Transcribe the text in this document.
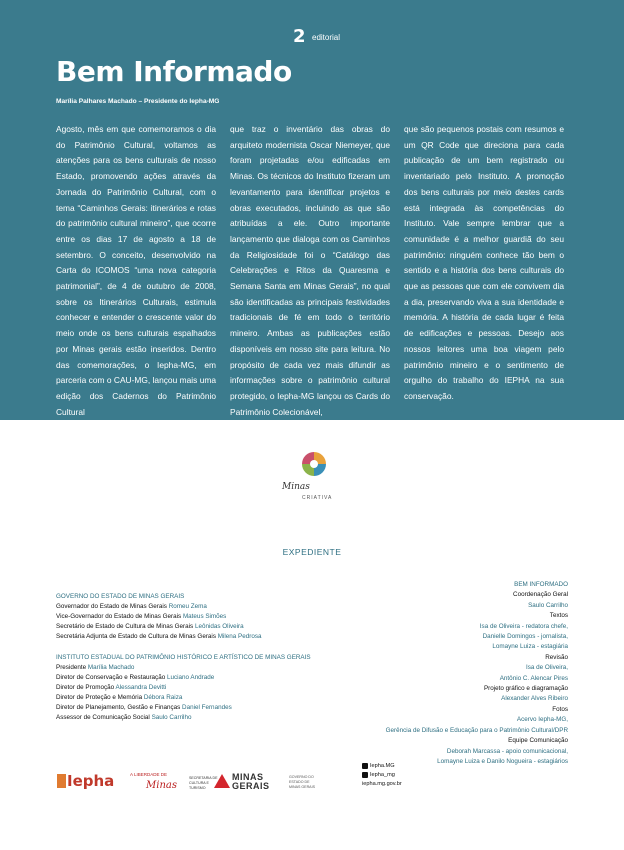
2 editorial
Bem Informado
Marília Palhares Machado – Presidente do Iepha-MG
Agosto, mês em que comemoramos o dia do Patrimônio Cultural, voltamos as atenções para os bens culturais de nosso Estado, promovendo ações através da Jornada do Patrimônio Cultural, com o tema “Caminhos Gerais: itinerários e rotas do patrimônio cultural mineiro”, que ocorre entre os dias 17 de agosto a 18 de setembro. O conceito, desenvolvido na Carta do ICOMOS “uma nova categoria patrimonial”, de 4 de outubro de 2008, sobre os Itinerários Culturais, estimula conhecer e entender o crescente valor do meio onde os bens culturais espalhados por Minas gerais estão inseridos. Dentro das comemorações, o Iepha-MG, em parceria com o CAU-MG, lançou mais uma edição dos Cadernos do Patrimônio Cultural
que traz o inventário das obras do arquiteto modernista Oscar Niemeyer, que foram projetadas e/ou edificadas em Minas. Os técnicos do Instituto fizeram um levantamento para identificar projetos e obras executados, incluindo as que são atribuídas a ele. Outro importante lançamento que dialoga com os Caminhos da Religiosidade foi o “Catálogo das Celebrações e Ritos da Quaresma e Semana Santa em Minas Gerais”, no qual são identificadas as principais festividades tradicionais de fé em todo o território mineiro. Ambas as publicações estão disponíveis em nosso site para leitura. No propósito de cada vez mais difundir as informações sobre o patrimônio cultural protegido, o Iepha-MG lançou os Cards do Patrimônio Colecionável,
que são pequenos postais com resumos e um QR Code que direciona para cada publicação de um bem registrado ou inventariado pelo Instituto. A promoção dos bens culturais por meio destes cards está integrada às competências do Instituto. Vale sempre lembrar que a comunidade é a melhor guardiã do seu patrimônio: ninguém conhece tão bem o sentido e a história dos bens culturais do que as pessoas que com ele convivem dia a dia, preservando viva a sua identidade e memória. A história de cada lugar é feita de edificações e pessoas. Desejo aos nossos leitores uma boa viagem pelo patrimônio mineiro e o sentimento de orgulho do trabalho do IEPHA na sua conservação.
Minas
CRIATIVA
EXPEDIENTE
GOVERNO DO ESTADO DE MINAS GERAIS
Governador do Estado de Minas Gerais Romeu Zema
Vice-Governador do Estado de Minas Gerais Mateus Simões
Secretário de Estado de Cultura de Minas Gerais Leônidas Oliveira
Secretária Adjunta de Estado de Cultura de Minas Gerais Milena Pedrosa
INSTITUTO ESTADUAL DO PATRIMÔNIO HISTÓRICO E ARTÍSTICO DE MINAS GERAIS
Presidente Marília Machado
Diretor de Conservação e Restauração Luciano Andrade
Diretor de Promoção Alessandra Devitti
Diretor de Proteção e Memória Débora Raiza
Diretor de Planejamento, Gestão e Finanças Daniel Fernandes
Assessor de Comunicação Social Saulo Carrilho
BEM INFORMADO
Coordenação Geral
Saulo Carrilho
Textos
Isa de Oliveira - redatora chefe,
Danielle Domingos - jornalista,
Lomayne Luiza - estagiária
Revisão
Isa de Oliveira,
Antônio C. Alencar Pires
Projeto gráfico e diagramação
Alexander Alves Ribeiro
Fotos
Acervo Iepha-MG,
Gerência de Difusão e Educação para o Patrimônio Cultural/DPR
Equipe Comunicação
Deborah Marcassa - apoio comunicacional,
Lomayne Luiza e Danilo Nogueira - estagiários
Iepha	A LIBERDADE DE
Minas
SECRETARIA DE
CULTURA E
TURISMO
MINAS
GERAIS
GOVERNO DO
ESTADO DE
MINAS GERAIS
Iepha.MG
Iepha_mg
iepha.mg.gov.br
